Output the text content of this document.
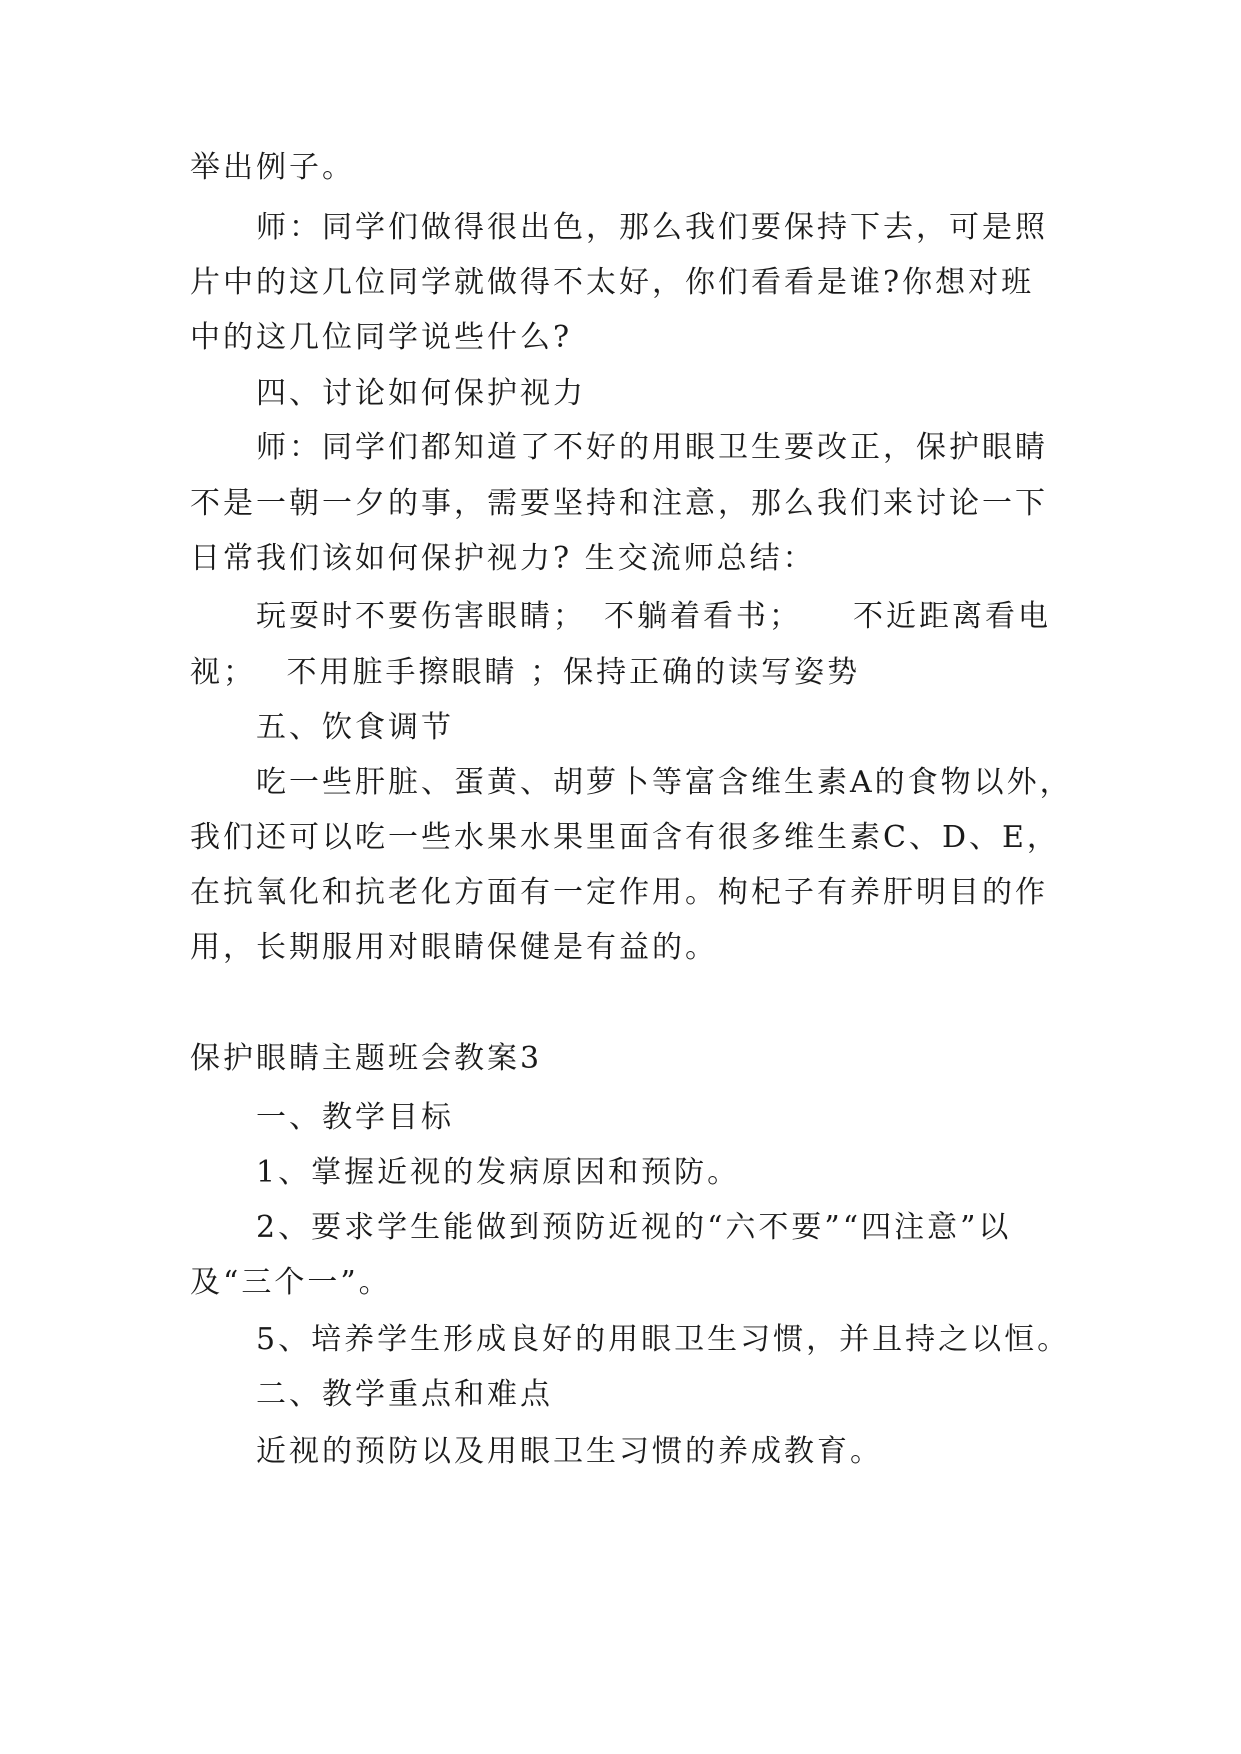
举出例子。
师：同学们做得很出色，那么我们要保持下去，可是照
片中的这几位同学就做得不太好，你们看看是谁?你想对班
中的这几位同学说些什么?
四、讨论如何保护视力
师：同学们都知道了不好的用眼卫生要改正，保护眼睛
不是一朝一夕的事，需要坚持和注意，那么我们来讨论一下
日常我们该如何保护视力? 生交流师总结：
玩耍时不要伤害眼睛；　不躺着看书；　　不近距离看电
视；　 不用脏手擦眼睛 ；保持正确的读写姿势
五、饮食调节
吃一些肝脏、蛋黄、胡萝卜等富含维生素A的食物以外，
我们还可以吃一些水果水果里面含有很多维生素C、D、E，
在抗氧化和抗老化方面有一定作用。枸杞子有养肝明目的作
用，长期服用对眼睛保健是有益的。
保护眼睛主题班会教案3
一、教学目标
1、掌握近视的发病原因和预防。
2、要求学生能做到预防近视的“六不要”“四注意”以
及“三个一”。
5、培养学生形成良好的用眼卫生习惯，并且持之以恒。
二、教学重点和难点
近视的预防以及用眼卫生习惯的养成教育。
